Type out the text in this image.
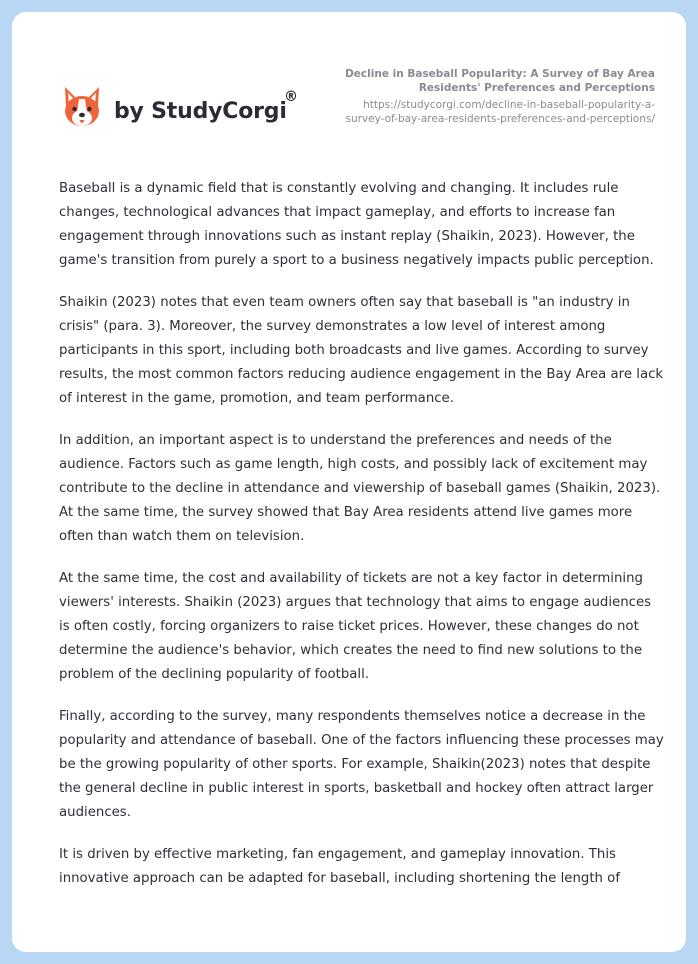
by StudyCorgi
®
Decline in Baseball Popularity: A Survey of Bay Area
Residents' Preferences and Perceptions
https://studycorgi.com/decline-in-baseball-popularity-a-
survey-of-bay-area-residents-preferences-and-perceptions/

Baseball is a dynamic field that is constantly evolving and changing. It includes rule changes, technological advances that impact gameplay, and efforts to increase fan engagement through innovations such as instant replay (Shaikin, 2023). However, the game's transition from purely a sport to a business negatively impacts public perception.

Shaikin (2023) notes that even team owners often say that baseball is "an industry in crisis" (para. 3). Moreover, the survey demonstrates a low level of interest among participants in this sport, including both broadcasts and live games. According to survey results, the most common factors reducing audience engagement in the Bay Area are lack of interest in the game, promotion, and team performance.

In addition, an important aspect is to understand the preferences and needs of the audience. Factors such as game length, high costs, and possibly lack of excitement may contribute to the decline in attendance and viewership of baseball games (Shaikin, 2023). At the same time, the survey showed that Bay Area residents attend live games more often than watch them on television.

At the same time, the cost and availability of tickets are not a key factor in determining viewers' interests. Shaikin (2023) argues that technology that aims to engage audiences is often costly, forcing organizers to raise ticket prices. However, these changes do not determine the audience's behavior, which creates the need to find new solutions to the problem of the declining popularity of football.

Finally, according to the survey, many respondents themselves notice a decrease in the popularity and attendance of baseball. One of the factors influencing these processes may be the growing popularity of other sports. For example, Shaikin(2023) notes that despite the general decline in public interest in sports, basketball and hockey often attract larger audiences.

It is driven by effective marketing, fan engagement, and gameplay innovation. This innovative approach can be adapted for baseball, including shortening the length of
